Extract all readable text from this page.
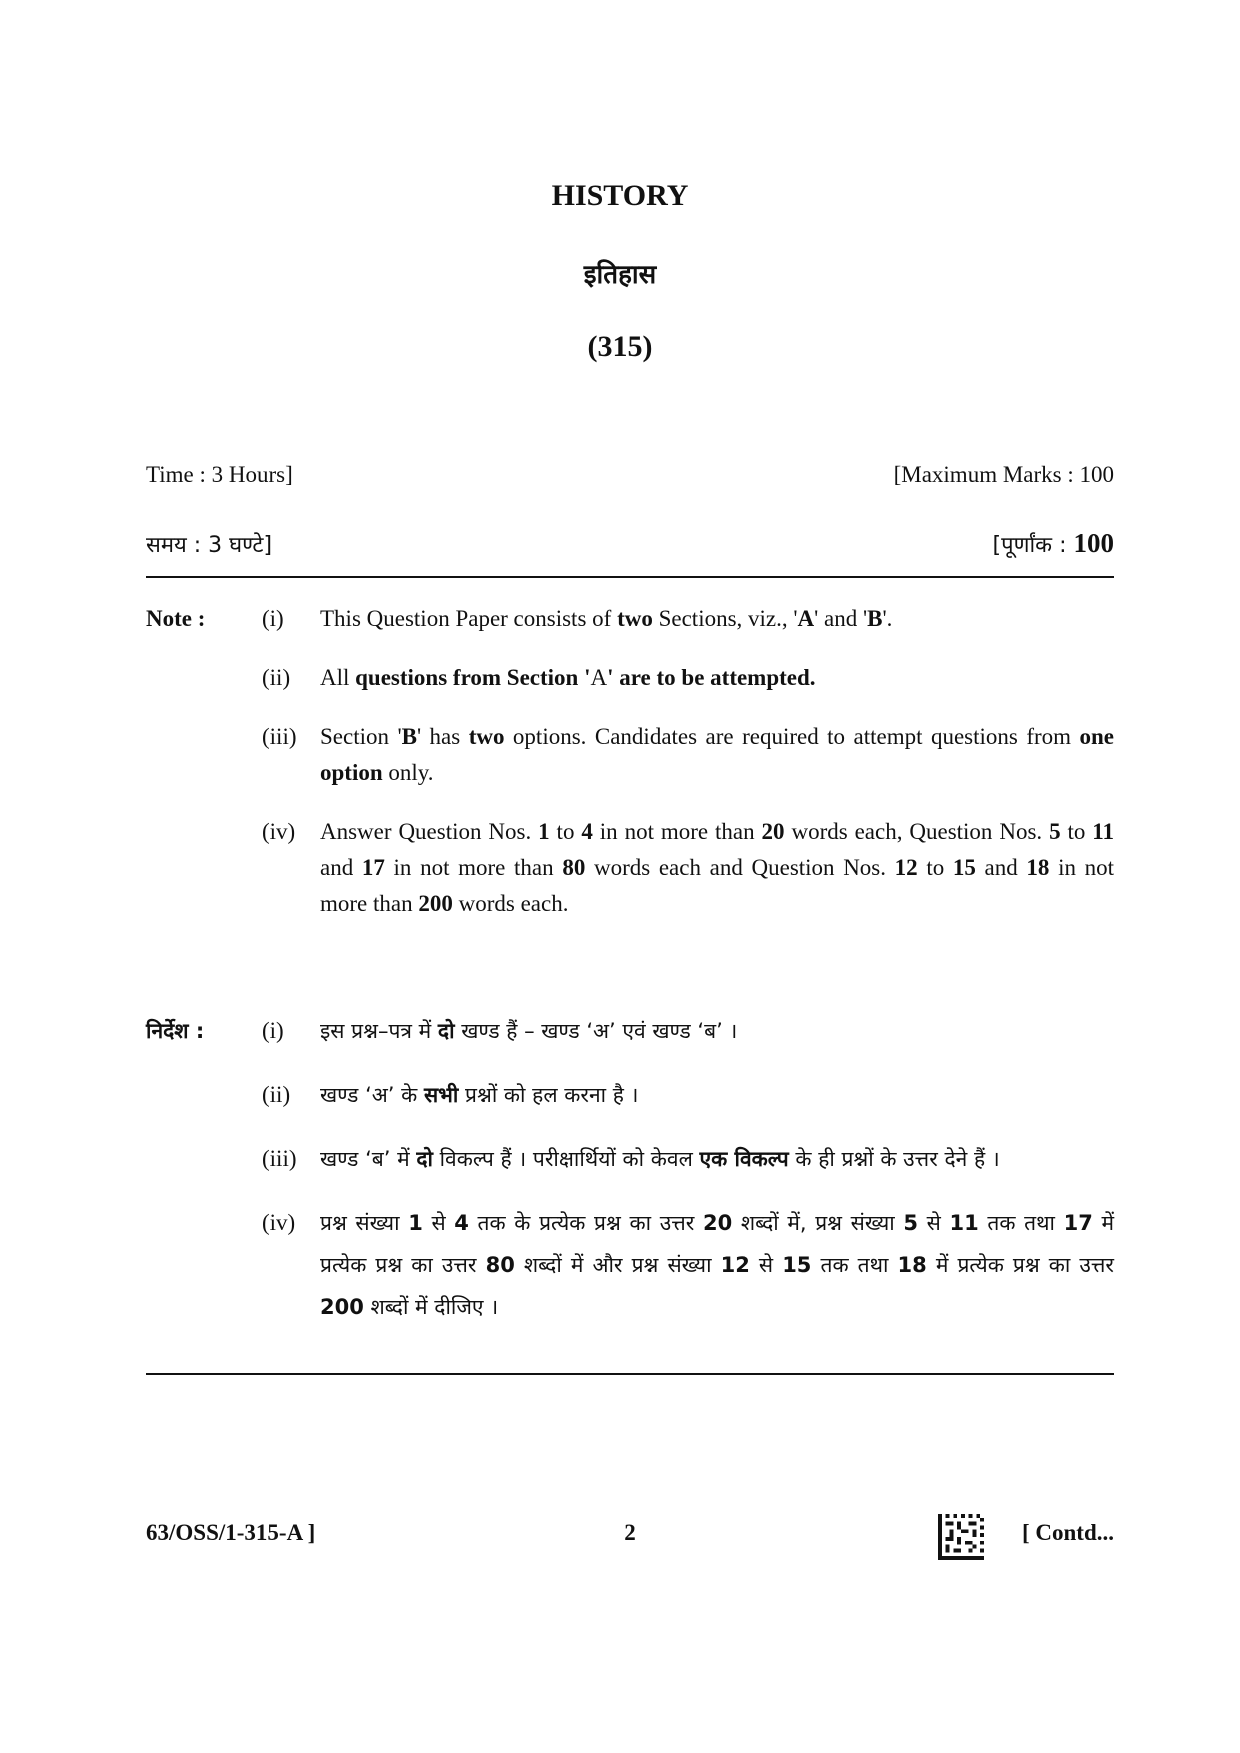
HISTORY
इतिहास
(315)
Time : 3 Hours]	[Maximum Marks : 100
समय : 3 घण्टे]	[पूर्णांक : 100
Note : (i)	This Question Paper consists of two Sections, viz., 'A' and 'B'.
(ii)	All questions from Section 'A' are to be attempted.
(iii)	Section 'B' has two options. Candidates are required to attempt questions from one option only.
(iv)	Answer Question Nos. 1 to 4 in not more than 20 words each, Question Nos. 5 to 11 and 17 in not more than 80 words each and Question Nos. 12 to 15 and 18 in not more than 200 words each.
निर्देश :	(i)	इस प्रश्न–पत्र में दो खण्ड हैं – खण्ड ‘अ’ एवं खण्ड ‘ब’ ।
(ii)	खण्ड ‘अ’ के सभी प्रश्नों को हल करना है ।
(iii)	खण्ड ‘ब’ में दो विकल्प हैं । परीक्षार्थियों को केवल एक विकल्प के ही प्रश्नों के उत्तर देने हैं ।
(iv)	प्रश्न संख्या 1 से 4 तक के प्रत्येक प्रश्न का उत्तर 20 शब्दों में, प्रश्न संख्या 5 से 11 तक तथा 17 में प्रत्येक प्रश्न का उत्तर 80 शब्दों में और प्रश्न संख्या 12 से 15 तक तथा 18 में प्रत्येक प्रश्न का उत्तर 200 शब्दों में दीजिए ।
63/OSS/1-315-A ]	2	[ Contd...
